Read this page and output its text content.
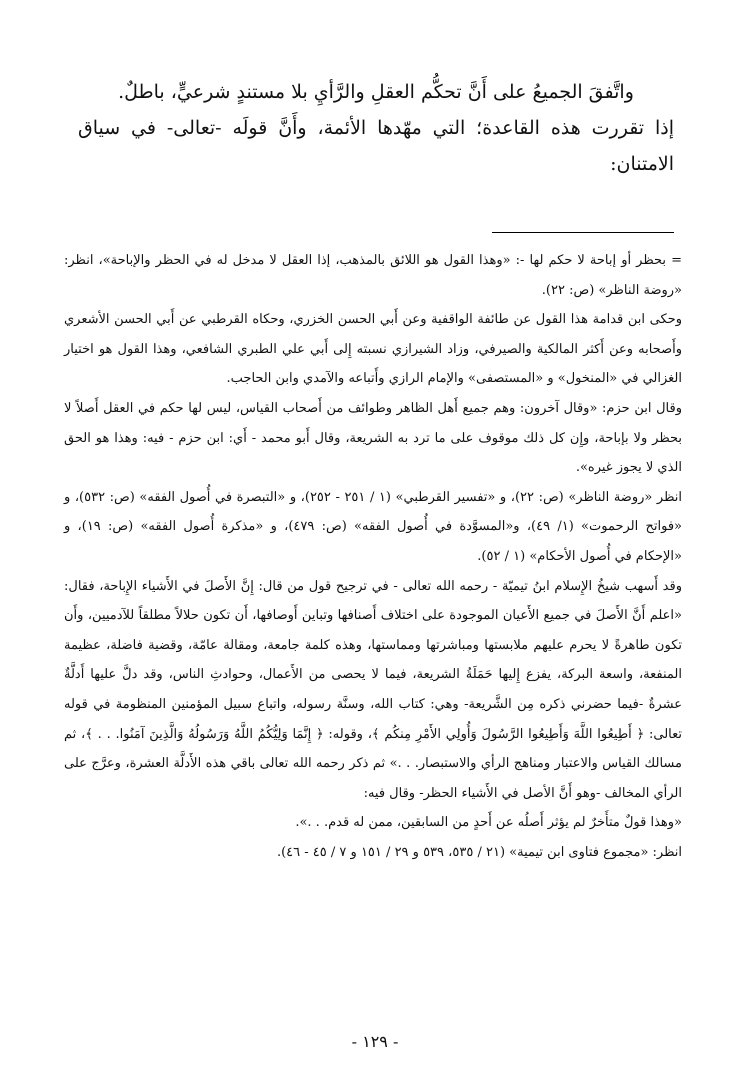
واتَّفقَ الجميعُ على أَنَّ تحكُّم العقلِ والرَّأيِ بلا مستندٍ شرعيٍّ، باطلٌ.

إذا تقررت هذه القاعدة؛ التي مهّدها الأئمة، وأَنَّ قولَه -تعالى- في سياق الامتنان:

= بحظر أو إباحة لا حكم لها -: «وهذا القول هو اللائق بالمذهب، إذا العقل لا مدخل له في الحظر والإباحة»، انظر: «روضة الناظر» (ص: ٢٢).

وحكى ابن قدامة هذا القول عن طائفة الواقفية وعن أَبي الحسن الخزري، وحكاه القرطبي عن أَبي الحسن الأشعري وأَصحابه وعن أَكثر المالكية والصيرفي، وزاد الشيرازي نسبته إِلى أَبي علي الطبري الشافعي، وهذا القول هو اختيار الغزالي في «المنخول» و «المستصفى» والإمام الرازي وأَتباعه والآمدي وابن الحاجب.

وقال ابن حزم: «وقال آخرون: وهم جميع أَهل الظاهر وطوائف من أَصحاب القياس، ليس لها حكم في العقل أَصلاً لا بحظر ولا بإباحة، وإِن كل ذلك موقوف على ما ترد به الشريعة، وقال أَبو محمد - أَي: ابن حزم - فيه: وهذا هو الحق الذي لا يجوز غيره».

انظر «روضة الناظر» (ص: ٢٢)، و «تفسير القرطبي» (١ / ٢٥١ - ٢٥٢)، و «التبصرة في أُصول الفقه» (ص: ٥٣٢)، و «فواتح الرحموت» (١/ ٤٩)، و«المسوَّدة في أُصول الفقه» (ص: ٤٧٩)، و «مذكرة أُصول الفقه» (ص: ١٩)، و «الإحكام في أُصول الأحكام» (١ / ٥٢).

وقد أَسهب شيخُ الإِسلام ابنُ تيميّة - رحمه الله تعالى - في ترجيح قول من قال: إِنَّ الأَصلَ في الأَشياء الإِباحة، فقال: «اعلم أَنَّ الأَصلَ في جميع الأَعيان الموجودة على اختلاف أَصنافها وتباين أَوصافها، أَن تكون حلالاً مطلقاً للآدميين، وأَن تكون طاهرةً لا يحرم عليهم ملابستها ومباشرتها ومماستها، وهذه كلمة جامعة، ومقالة عامّة، وقضية فاضلة، عظيمة المنفعة، واسعة البركة، يفزع إِليها حَمَلَةُ الشريعة، فيما لا يحصى من الأَعمال، وحوادثِ الناس، وقد دلَّ عليها أَدلَّةٌ عشرةٌ -فيما حضرني ذكره مِن الشَّريعة- وهي: كتاب الله، وسنَّة رسوله، واتباع سبيل المؤمنين المنظومة في قوله تعالى: ﴿ أَطِيعُوا اللَّهَ وَأَطِيعُوا الرَّسُولَ وَأُولِي الأَمْرِ مِنكُم ﴾، وقوله: ﴿ إِنَّمَا وَلِيُّكُمُ اللَّهُ وَرَسُولُهُ وَالَّذِينَ آمَنُوا. . . ﴾، ثم مسالك القياس والاعتبار ومناهج الرأي والاستبصار. . .» ثم ذكر رحمه الله تعالى باقي هذه الأَدلَّة العشرة، وعرَّج على الرأي المخالف -وهو أَنَّ الأصل في الأَشياء الحظر- وقال فيه:

«وهذا قولٌ متأَخرٌ لم يؤثر أَصلُه عن أَحدٍ من السابقين، ممن له قدم. . .».

انظر: «مجموع فتاوى ابن تيمية» (٢١ / ٥٣٥، ٥٣٩ و ٢٩ / ١٥١ و ٧ / ٤٥ - ٤٦).

- ١٢٩ -
